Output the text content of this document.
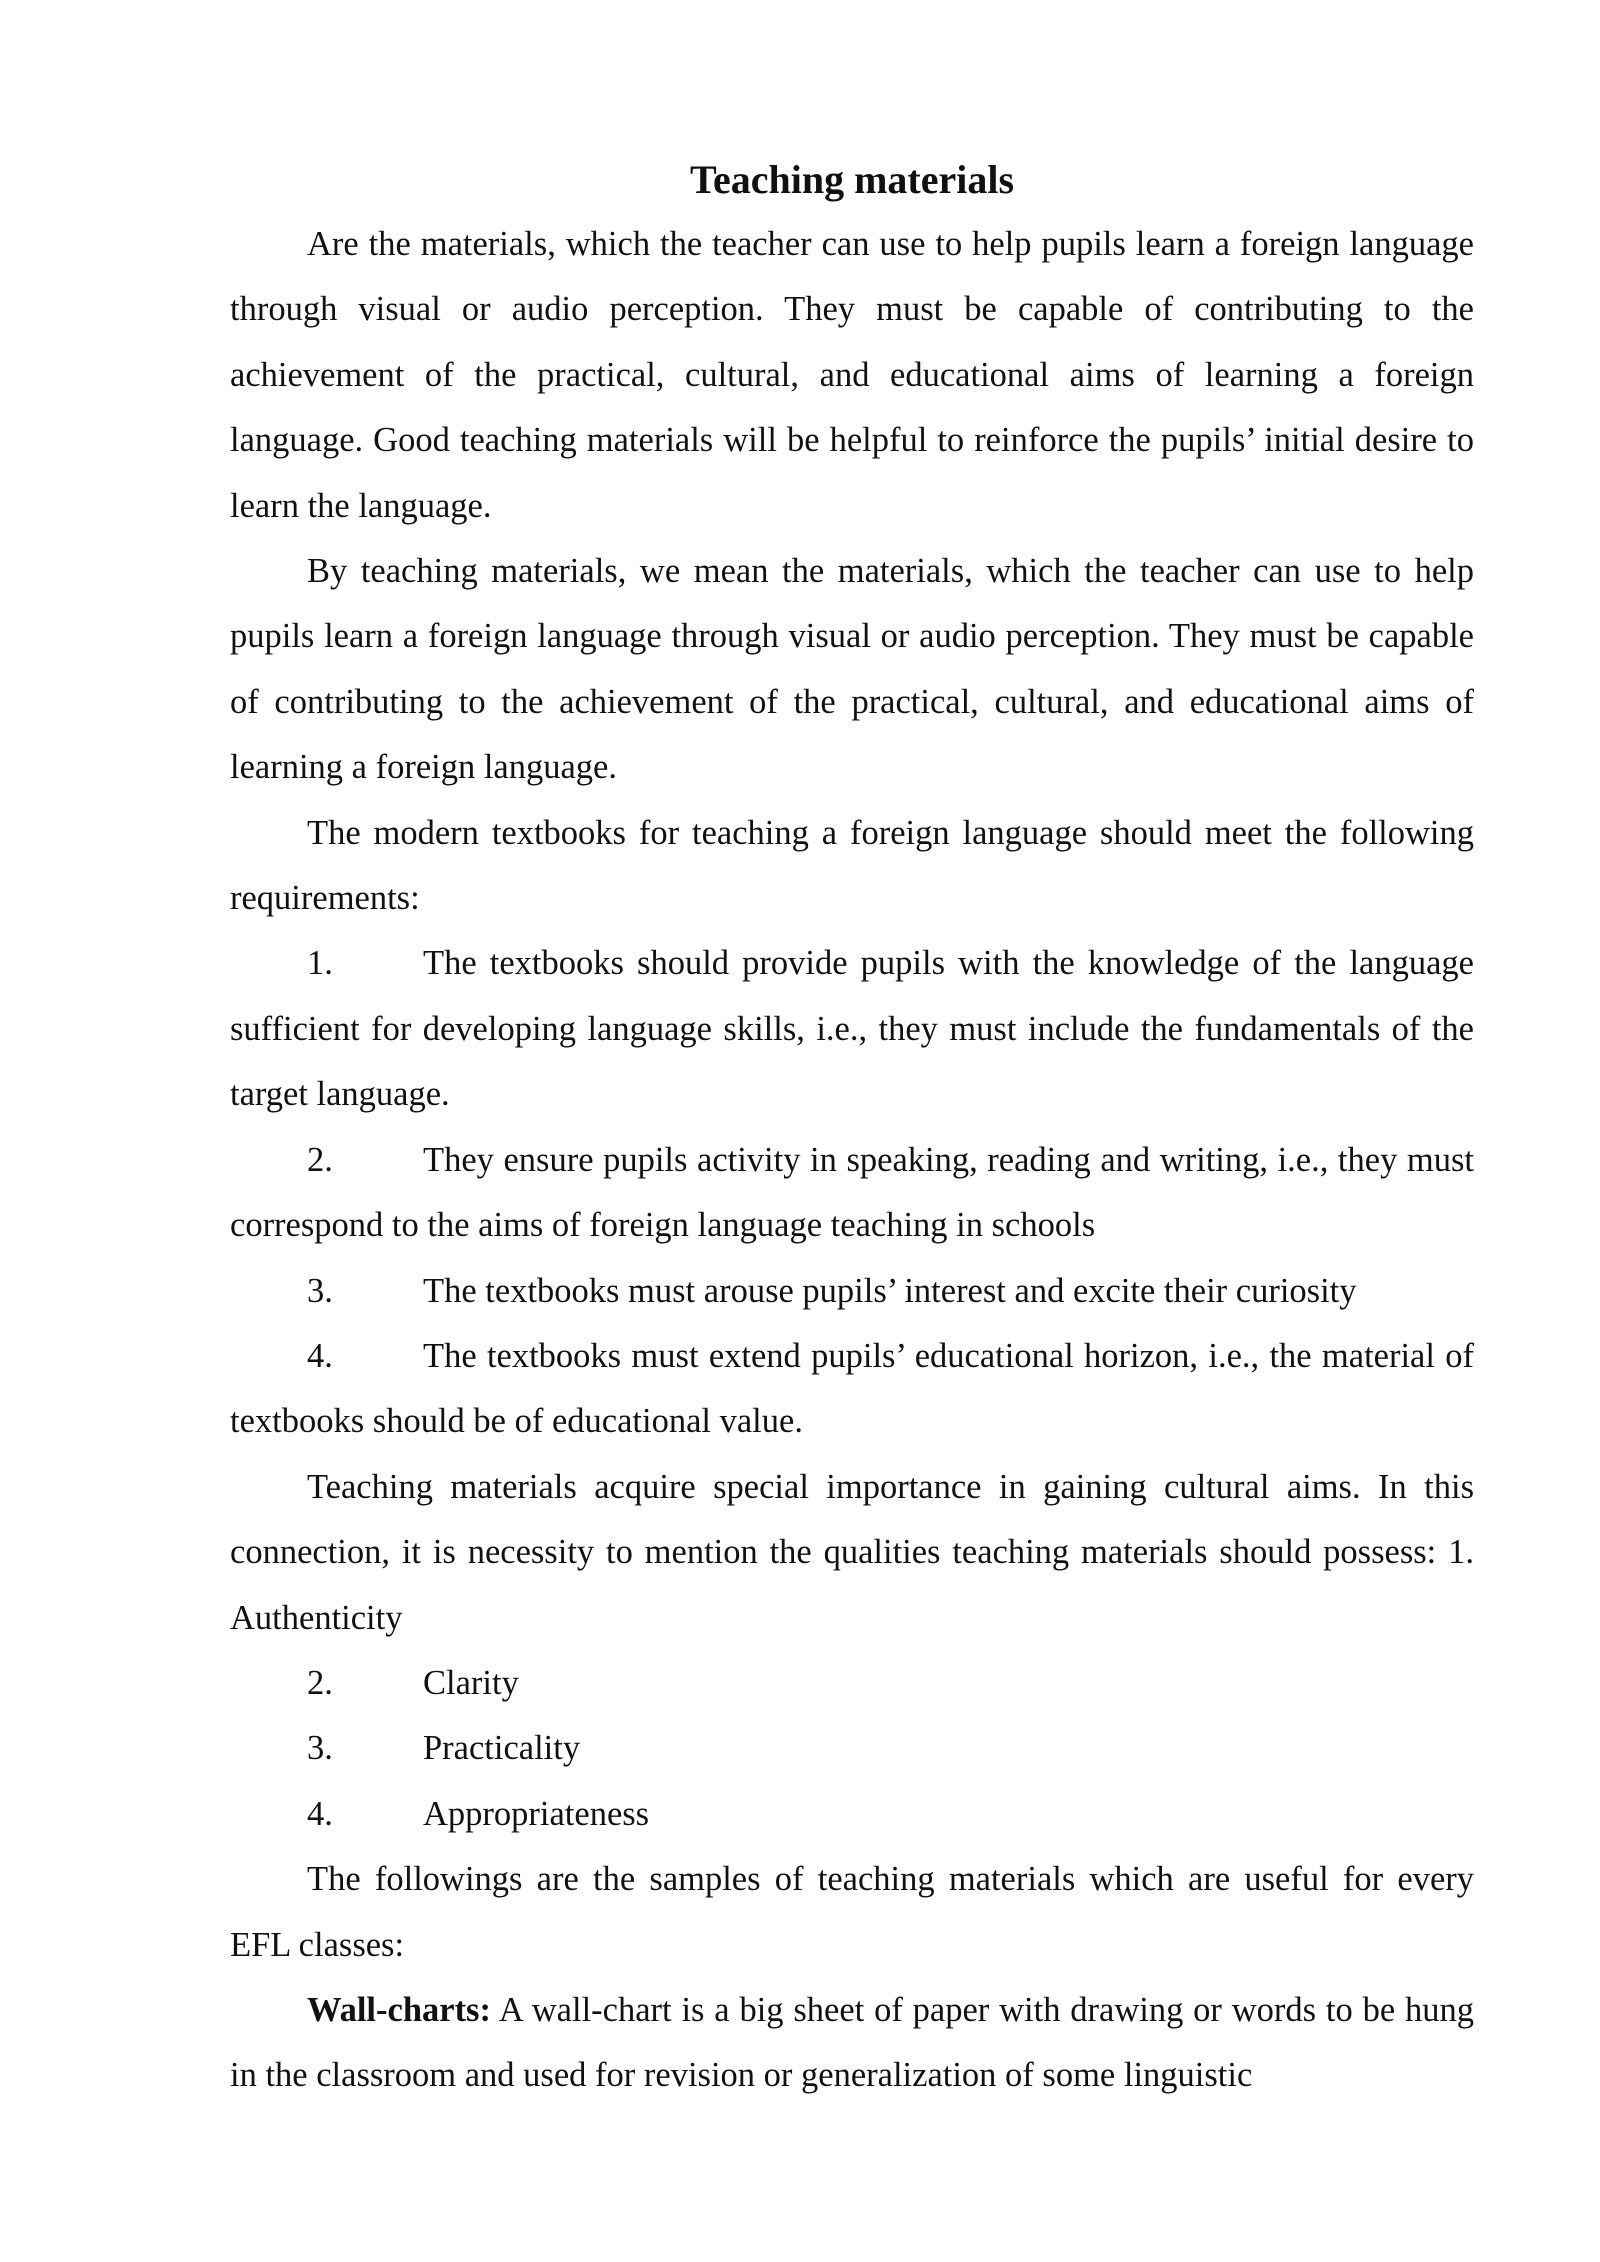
Teaching materials

Are the materials, which the teacher can use to help pupils learn a foreign language through visual or audio perception. They must be capable of contributing to the achievement of the practical, cultural, and educational aims of learning a foreign language. Good teaching materials will be helpful to reinforce the pupils’ initial desire to learn the language.

By teaching materials, we mean the materials, which the teacher can use to help pupils learn a foreign language through visual or audio perception. They must be capable of contributing to the achievement of the practical, cultural, and educational aims of learning a foreign language.

The modern textbooks for teaching a foreign language should meet the following requirements:

1.	The textbooks should provide pupils with the knowledge of the language sufficient for developing language skills, i.e., they must include the fundamentals of the target language.

2.	They ensure pupils activity in speaking, reading and writing, i.e., they must correspond to the aims of foreign language teaching in schools

3.	The textbooks must arouse pupils’ interest and excite their curiosity

4.	The textbooks must extend pupils’ educational horizon, i.e., the material of textbooks should be of educational value.

Teaching materials acquire special importance in gaining cultural aims. In this connection, it is necessity to mention the qualities teaching materials should possess: 1. Authenticity

2.	Clarity

3.	Practicality

4.	Appropriateness

The followings are the samples of teaching materials which are useful for every EFL classes:

Wall-charts: A wall-chart is a big sheet of paper with drawing or words to be hung in the classroom and used for revision or generalization of some linguistic
